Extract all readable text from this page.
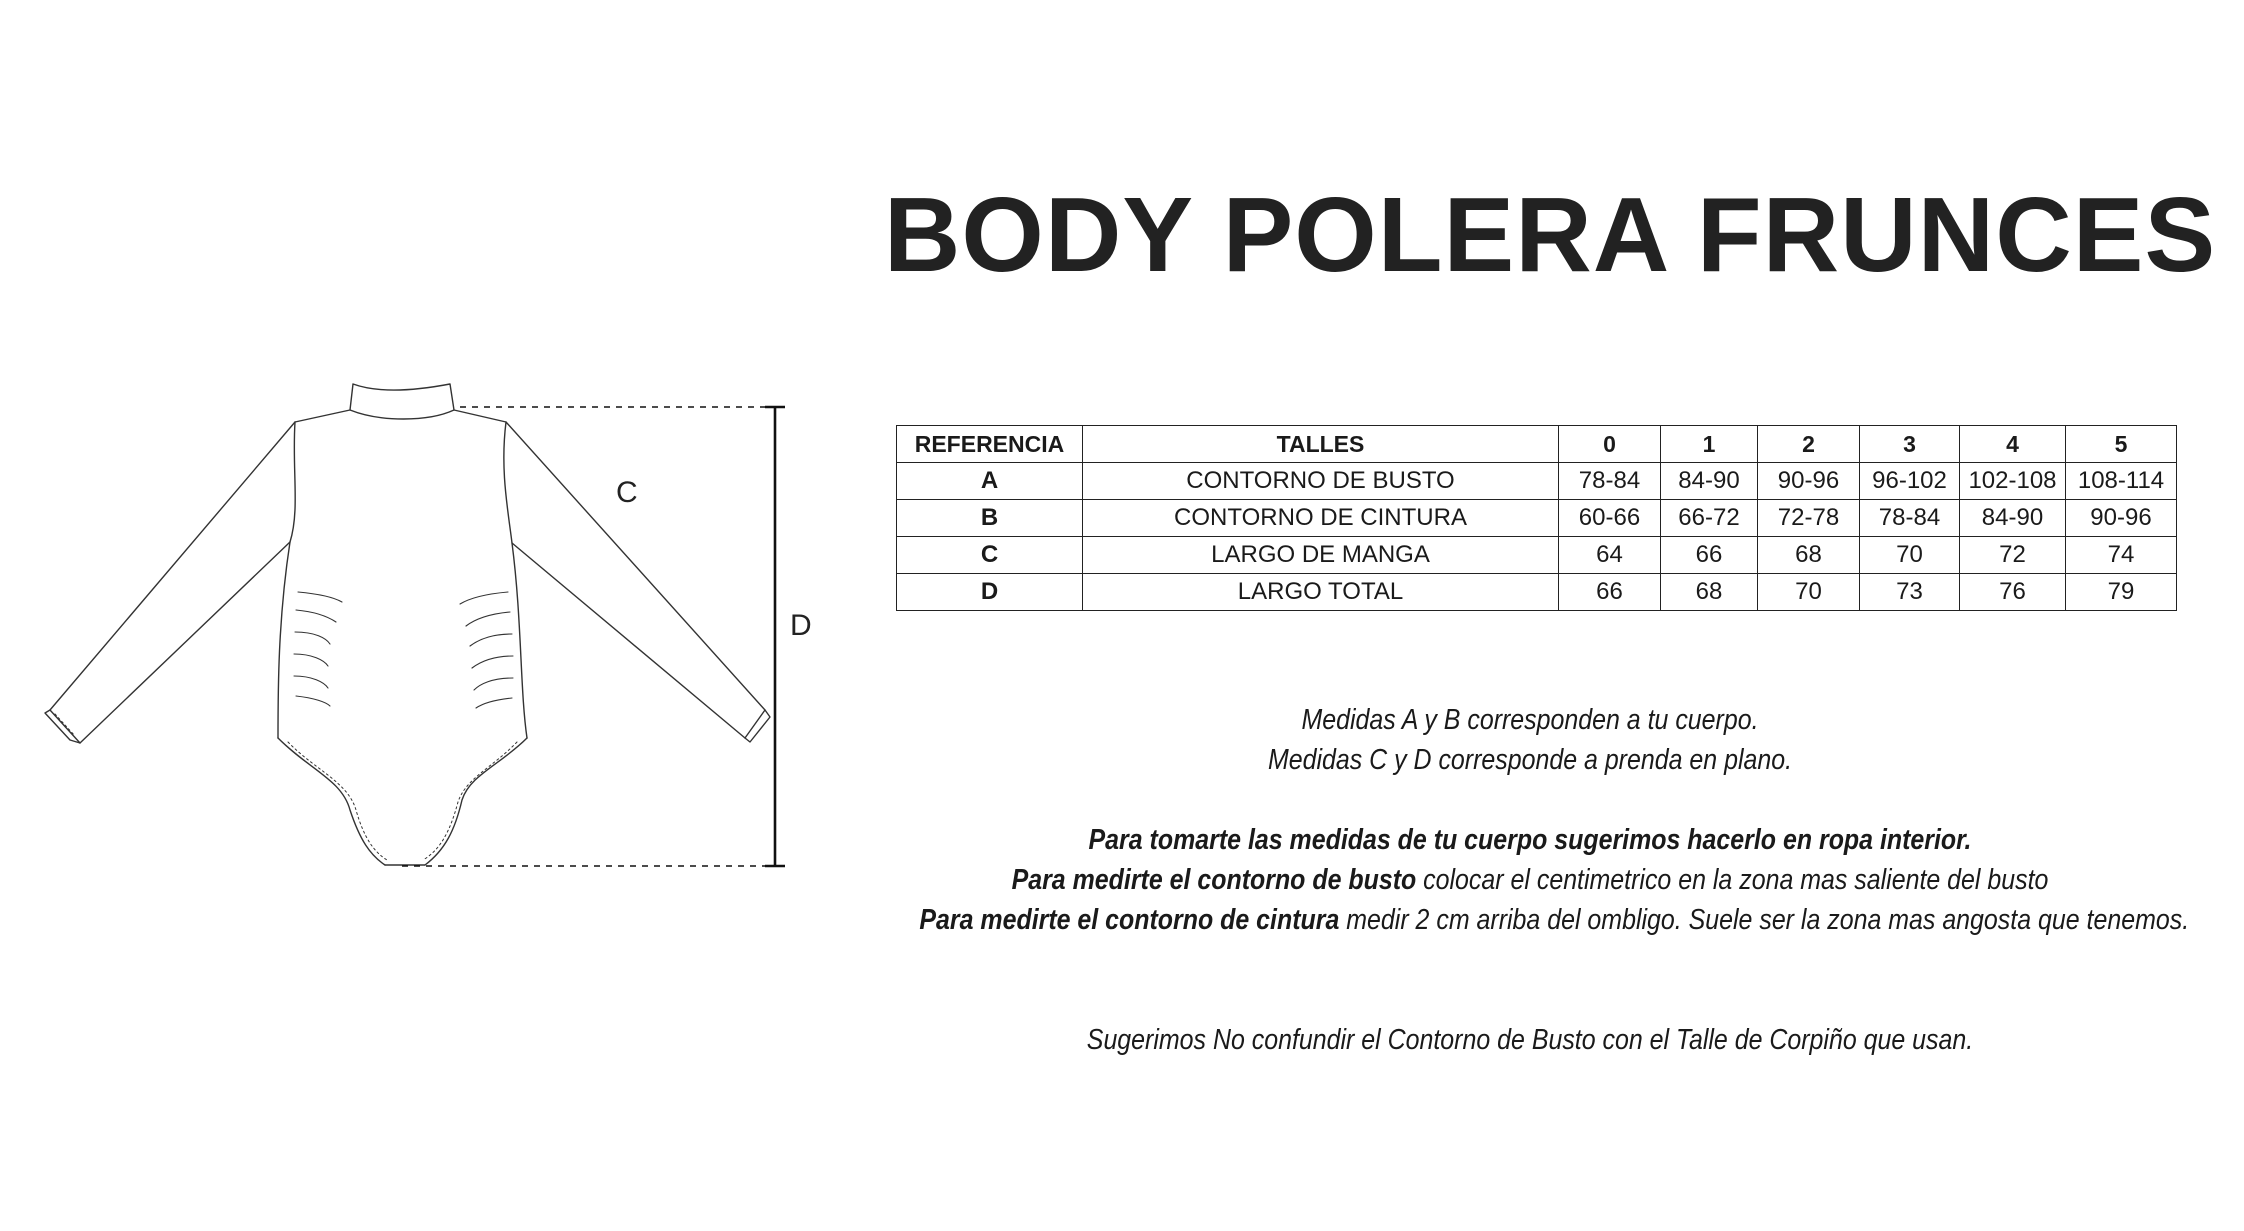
BODY POLERA FRUNCES
C
D
REFERENCIA	TALLES	0	1	2	3	4	5
A	CONTORNO DE BUSTO	78-84	84-90	90-96	96-102	102-108	108-114
B	CONTORNO DE CINTURA	60-66	66-72	72-78	78-84	84-90	90-96
C	LARGO DE MANGA	64	66	68	70	72	74
D	LARGO TOTAL	66	68	70	73	76	79
Medidas A y B corresponden a tu cuerpo.
Medidas C y D corresponde a prenda en plano.
Para tomarte las medidas de tu cuerpo sugerimos hacerlo en ropa interior.
Para medirte el contorno de busto colocar el centimetrico en la zona mas saliente del busto
Para medirte el contorno de cintura medir 2 cm arriba del ombligo. Suele ser la zona mas angosta que tenemos.
Sugerimos No confundir el Contorno de Busto con el Talle de Corpiño que usan.
